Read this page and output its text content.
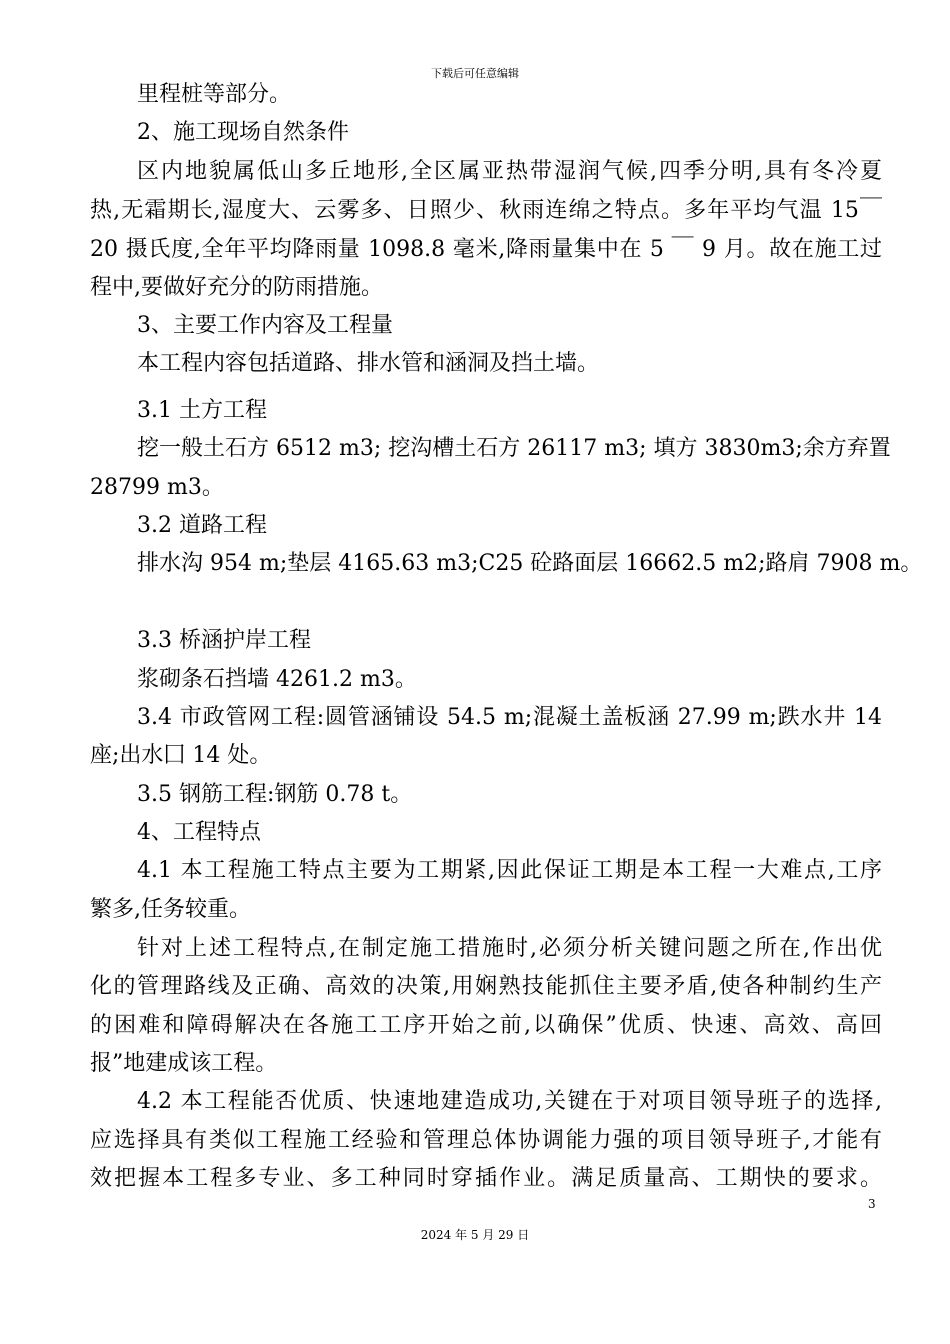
下载后可任意编辑
里程桩等部分。
2、施工现场自然条件
区内地貌属低山多丘地形,全区属亚热带湿润气候,四季分明,具有冬冷夏
热,无霜期长,湿度大、云雾多、日照少、秋雨连绵之特点。多年平均气温 15￣
20 摄氏度,全年平均降雨量 1098.8 毫米,降雨量集中在 5 ￣ 9 月。故在施工过
程中,要做好充分的防雨措施。
3、主要工作内容及工程量
本工程内容包括道路、排水管和涵洞及挡土墙。
3.1 土方工程
挖一般土石方 6512 m3; 挖沟槽土石方 26117 m3; 填方 3830m3;余方弃置
28799 m3。
3.2 道路工程
排水沟 954 m;垫层 4165.63 m3;C25 砼路面层 16662.5 m2;路肩 7908 m。
3.3 桥涵护岸工程
浆砌条石挡墙 4261.2 m3。
3.4 市政管网工程:圆管涵铺设 54.5 m;混凝土盖板涵 27.99 m;跌水井 14
座;出水囗 14 处。
3.5 钢筋工程:钢筋 0.78 t。
4、工程特点
4.1 本工程施工特点主要为工期紧,因此保证工期是本工程一大难点,工序
繁多,任务较重。
针对上述工程特点,在制定施工措施时,必须分析关键问题之所在,作出优
化的管理路线及正确、高效的决策,用娴熟技能抓住主要矛盾,使各种制约生产
的困难和障碍解决在各施工工序开始之前,以确保”优质、快速、高效、高回
报”地建成该工程。
4.2 本工程能否优质、快速地建造成功,关键在于对项目领导班子的选择,
应选择具有类似工程施工经验和管理总体协调能力强的项目领导班子,才能有
效把握本工程多专业、多工种同时穿插作业。满足质量高、工期快的要求。
3
2024 年 5 月 29 日
